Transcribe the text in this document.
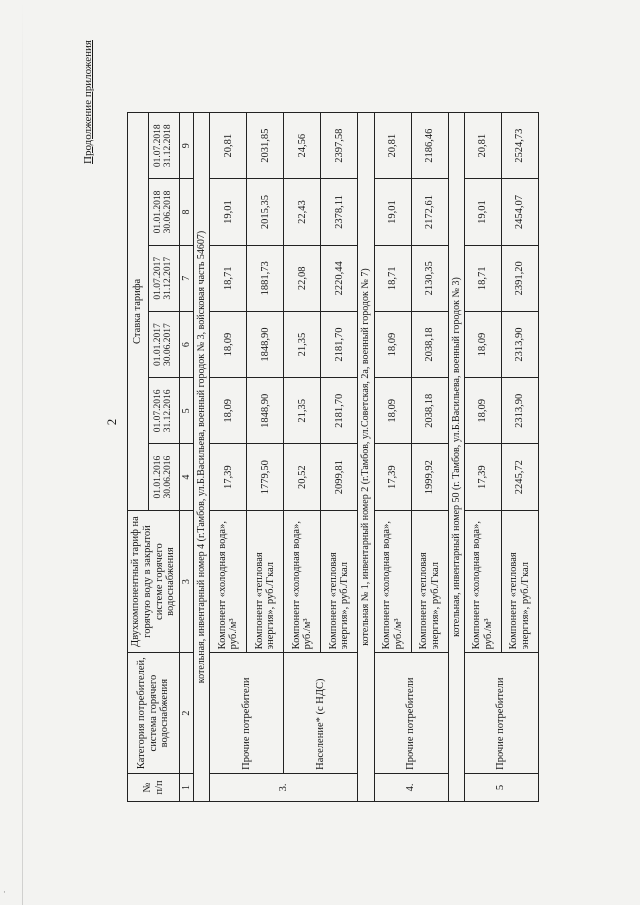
·
2
Продолжение приложения
№ п/п	Категория потребителей, система горячего водоснабжения	Двухкомпонентный тариф на горячую воду в закрытой системе горячего водоснабжения	Ставка тарифа					
			01.01.2016 30.06.2016	01.07.2016 31.12.2016	01.01.2017 30.06.2017	01.07.2017 31.12.2017	01.01.2018 30.06.2018	01.07.2018 31.12.2018
1	2	3	4	5	6	7	8	9
котельная, инвентарный номер 4 (г.Тамбов, ул.Б.Васильева, военный городок № 3, войсковая часть 54607)								
3.	Прочие потребители	Компонент «холодная вода», руб./м³	17,39	18,09	18,09	18,71	19,01	20,81
		Компонент «тепловая энергия», руб./Гкал	1779,50	1848,90	1848,90	1881,73	2015,35	2031,85
	Население* (с НДС)	Компонент «холодная вода», руб./м³	20,52	21,35	21,35	22,08	22,43	24,56
		Компонент «тепловая энергия», руб./Гкал	2099,81	2181,70	2181,70	2220,44	2378,11	2397,58
котельная № 1, инвентарный номер 2 (г.Тамбов, ул.Советская, 2а, военный городок № 7)								
4.	Прочие потребители	Компонент «холодная вода», руб./м³	17,39	18,09	18,09	18,71	19,01	20,81
		Компонент «тепловая энергия», руб./Гкал	1999,92	2038,18	2038,18	2130,35	2172,61	2186,46
котельная, инвентарный номер 50 (г. Тамбов, ул.Б.Васильева, военный городок № 3)								
5	Прочие потребители	Компонент «холодная вода», руб./м³	17,39	18,09	18,09	18,71	19,01	20,81
		Компонент «тепловая энергия», руб./Гкал	2245,72	2313,90	2313,90	2391,20	2454,07	2524,73
